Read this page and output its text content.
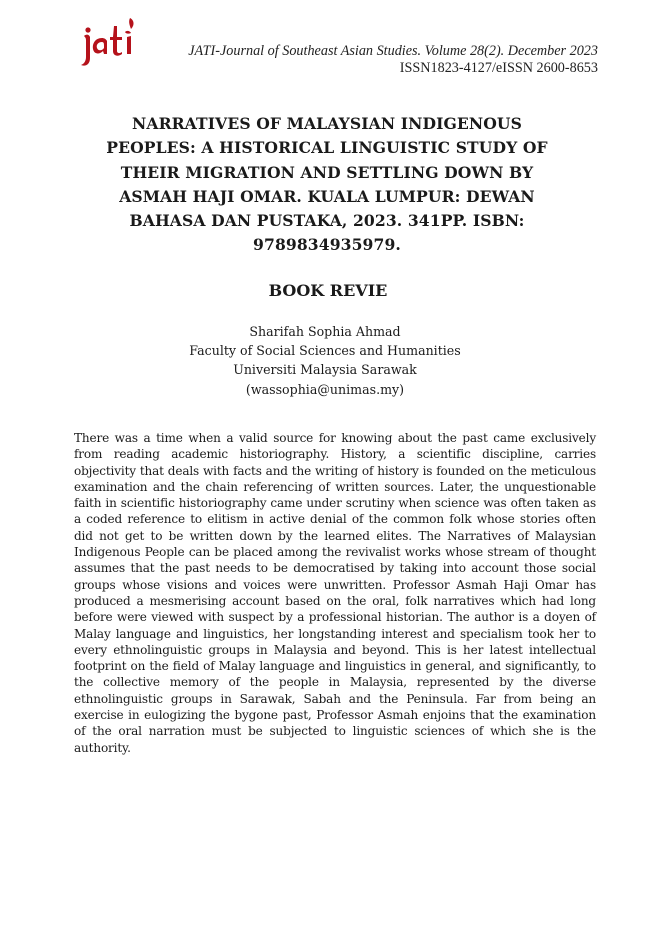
JATI-Journal of Southeast Asian Studies. Volume 28(2). December 2023
ISSN1823-4127/eISSN 2600-8653
NARRATIVES OF MALAYSIAN INDIGENOUS PEOPLES: A HISTORICAL LINGUISTIC STUDY OF THEIR MIGRATION AND SETTLING DOWN BY ASMAH HAJI OMAR. KUALA LUMPUR: DEWAN BAHASA DAN PUSTAKA, 2023. 341PP. ISBN: 9789834935979.
BOOK REVIE
Sharifah Sophia Ahmad
Faculty of Social Sciences and Humanities
Universiti Malaysia Sarawak
(wassophia@unimas.my)
There was a time when a valid source for knowing about the past came exclusively from reading academic historiography. History, a scientific discipline, carries objectivity that deals with facts and the writing of history is founded on the meticulous examination and the chain referencing of written sources. Later, the unquestionable faith in scientific historiography came under scrutiny when science was often taken as a coded reference to elitism in active denial of the common folk whose stories often did not get to be written down by the learned elites. The Narratives of Malaysian Indigenous People can be placed among the revivalist works whose stream of thought assumes that the past needs to be democratised by taking into account those social groups whose visions and voices were unwritten. Professor Asmah Haji Omar has produced a mesmerising account based on the oral, folk narratives which had long before were viewed with suspect by a professional historian. The author is a doyen of Malay language and linguistics, her longstanding interest and specialism took her to every ethnolinguistic groups in Malaysia and beyond. This is her latest intellectual footprint on the field of Malay language and linguistics in general, and significantly, to the collective memory of the people in Malaysia, represented by the diverse ethnolinguistic groups in Sarawak, Sabah and the Peninsula. Far from being an exercise in eulogizing the bygone past, Professor Asmah enjoins that the examination of the oral narration must be subjected to linguistic sciences of which she is the authority.
